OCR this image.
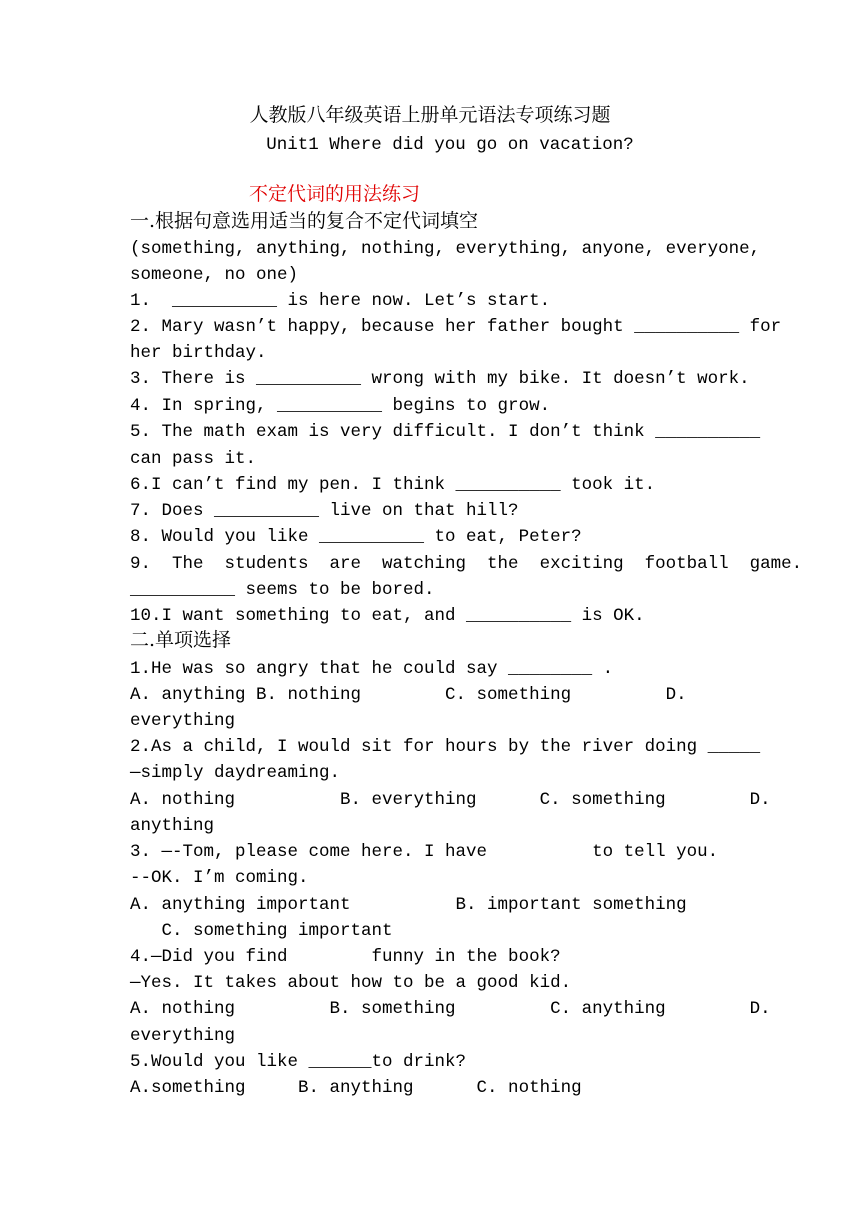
人教版八年级英语上册单元语法专项练习题
Unit1 Where did you go on vacation?
不定代词的用法练习
一.根据句意选用适当的复合不定代词填空
(something, anything, nothing, everything, anyone, everyone,
someone, no one)
1.  __________ is here now. Let’s start.
2. Mary wasn’t happy, because her father bought __________ for
her birthday.
3. There is __________ wrong with my bike. It doesn’t work.
4. In spring, __________ begins to grow.
5. The math exam is very difficult. I don’t think __________
can pass it.
6.I can’t find my pen. I think __________ took it.
7. Does __________ live on that hill?
8. Would you like __________ to eat, Peter?
9.  The  students  are  watching  the  exciting  football  game.
__________ seems to be bored.
10.I want something to eat, and __________ is OK.
二.单项选择
1.He was so angry that he could say ________ .
A. anything B. nothing        C. something         D.
everything
2.As a child, I would sit for hours by the river doing _____
—simply daydreaming.
A. nothing          B. everything      C. something        D.
anything
3. —-Tom, please come here. I have          to tell you.
--OK. I’m coming.
A. anything important          B. important something
C. something important
4.—Did you find        funny in the book?
—Yes. It takes about how to be a good kid.
A. nothing         B. something         C. anything        D.
everything
5.Would you like ______to drink?
A.something     B. anything      C. nothing
